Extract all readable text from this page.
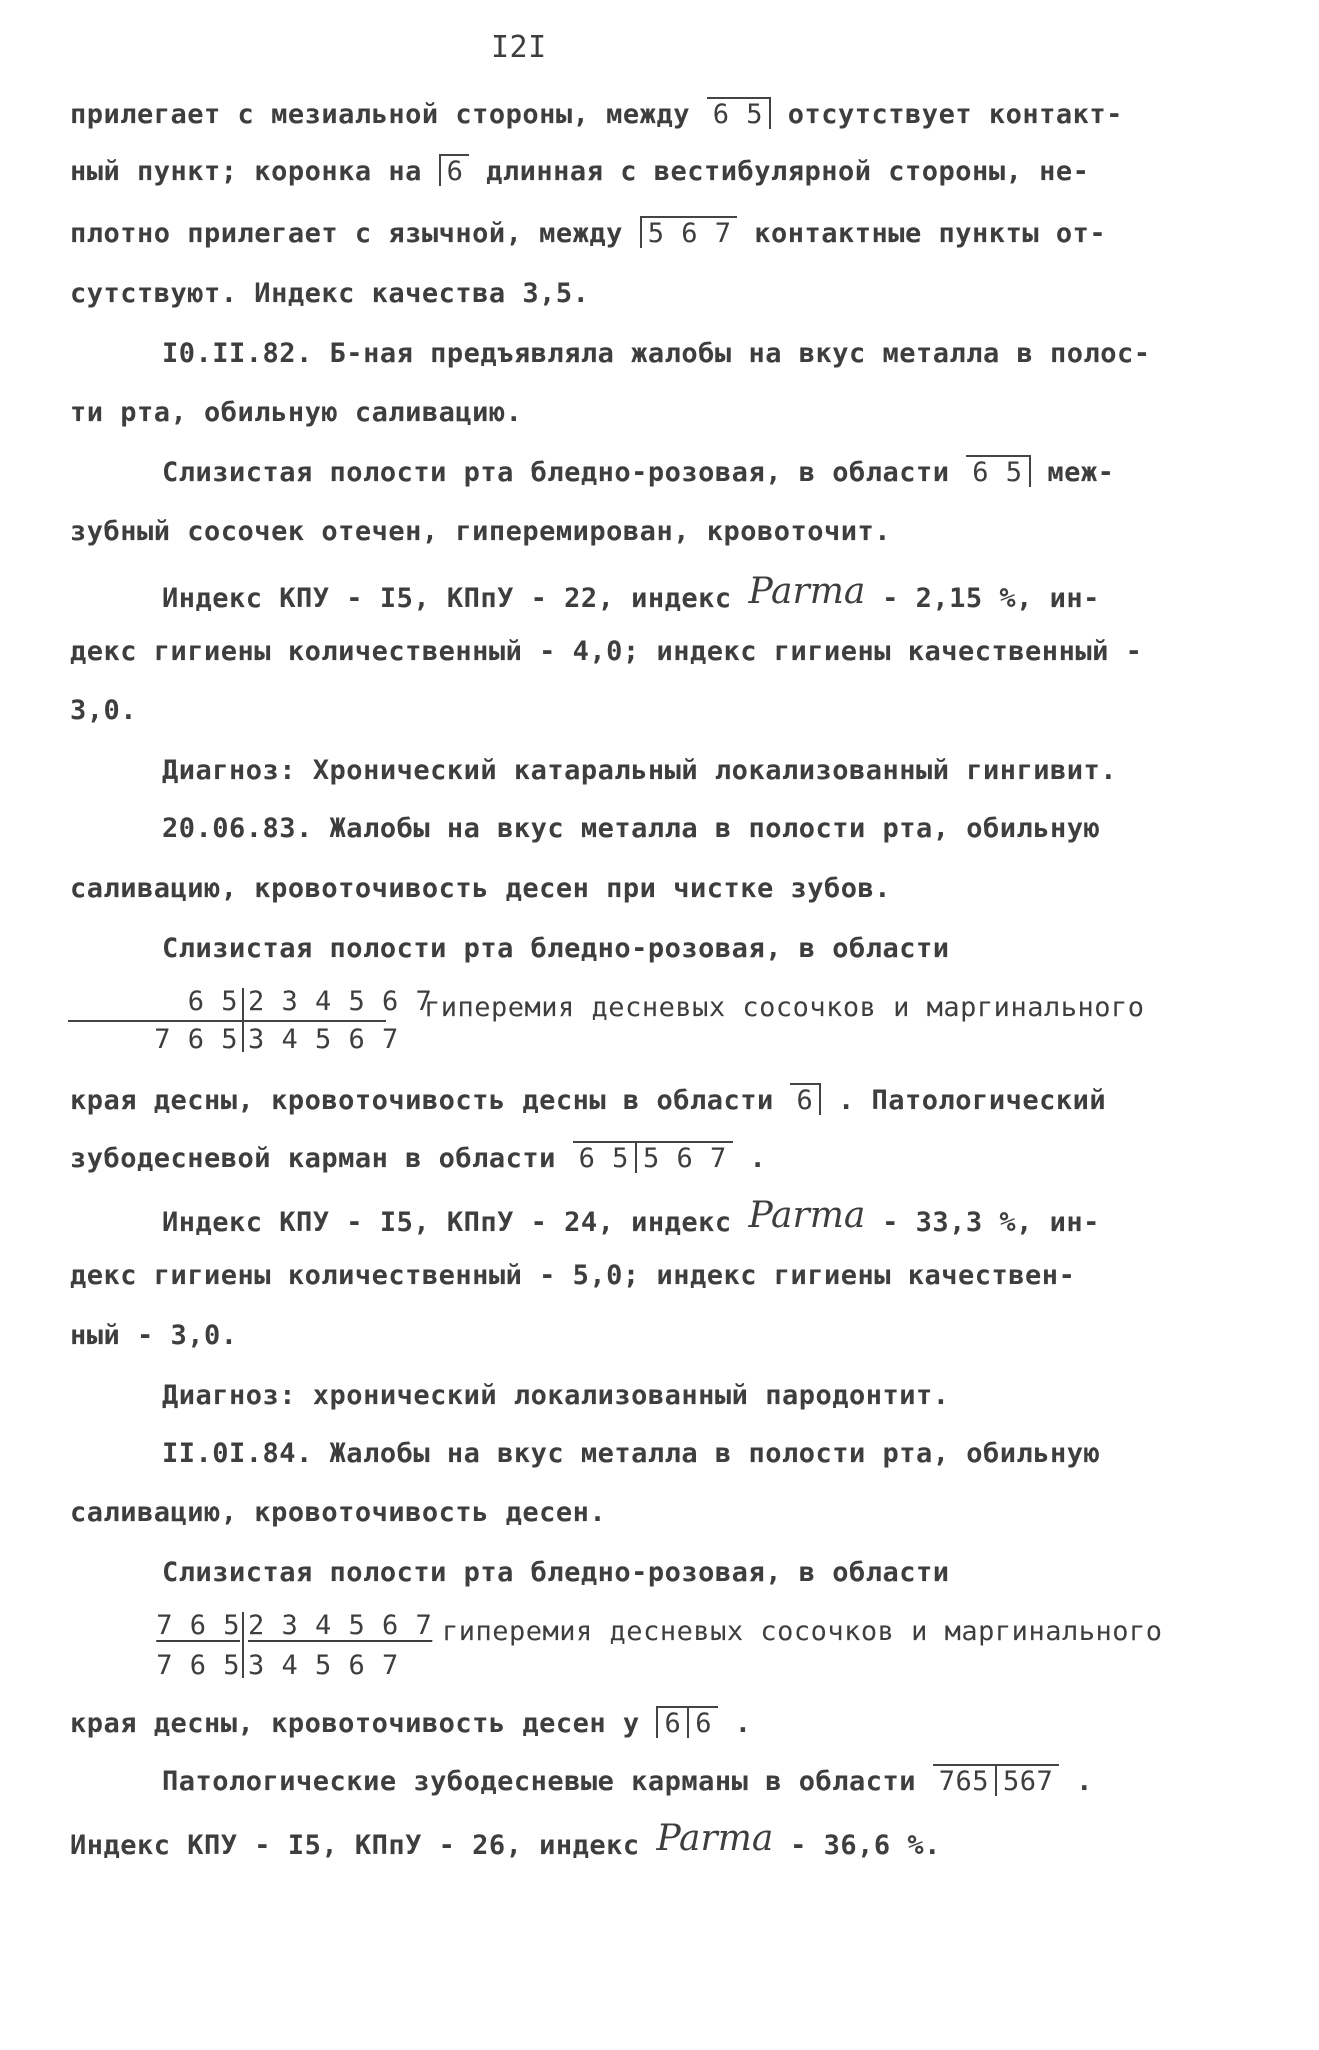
I2I
прилегает с мезиальной стороны, между 6 5 отсутствует контакт-
ный пункт; коронка на 6 длинная с вестибулярной стороны, не-
плотно прилегает с язычной, между 5 6 7 контактные пункты от-
сутствуют. Индекс качества 3,5.
I0.II.82. Б-ная предъявляла жалобы на вкус металла в полос-
ти рта, обильную саливацию.
Слизистая полости рта бледно-розовая, в области 6 5 меж-
зубный сосочек отечен, гиперемирован, кровоточит.
Индекс КПУ - I5, КПпУ - 22, индекс Parma - 2,15 %, ин-
декс гигиены количественный - 4,0; индекс гигиены качественный -
3,0.
Диагноз: Хронический катаральный локализованный гингивит.
20.06.83. Жалобы на вкус металла в полости рта, обильную
саливацию, кровоточивость десен при чистке зубов.
Слизистая полости рта бледно-розовая, в области
6 5 2 3 4 5 6 7
7 6 5 3 4 5 6 7
гиперемия десневых сосочков и маргинального
края десны, кровоточивость десны в области 6 . Патологический
зубодесневой карман в области 6 55 6 7 .
Индекс КПУ - I5, КПпУ - 24, индекс Parma - 33,3 %, ин-
декс гигиены количественный - 5,0; индекс гигиены качествен-
ный - 3,0.
Диагноз: хронический локализованный пародонтит.
II.0I.84. Жалобы на вкус металла в полости рта, обильную
саливацию, кровоточивость десен.
Слизистая полости рта бледно-розовая, в области
7 6 5 2 3 4 5 6 7
7 6 5 3 4 5 6 7
гиперемия десневых сосочков и маргинального
края десны, кровоточивость десен у 6 6 .
Патологические зубодесневые карманы в области 765 567 .
Индекс КПУ - I5, КПпУ - 26, индекс Parma - 36,6 %.
